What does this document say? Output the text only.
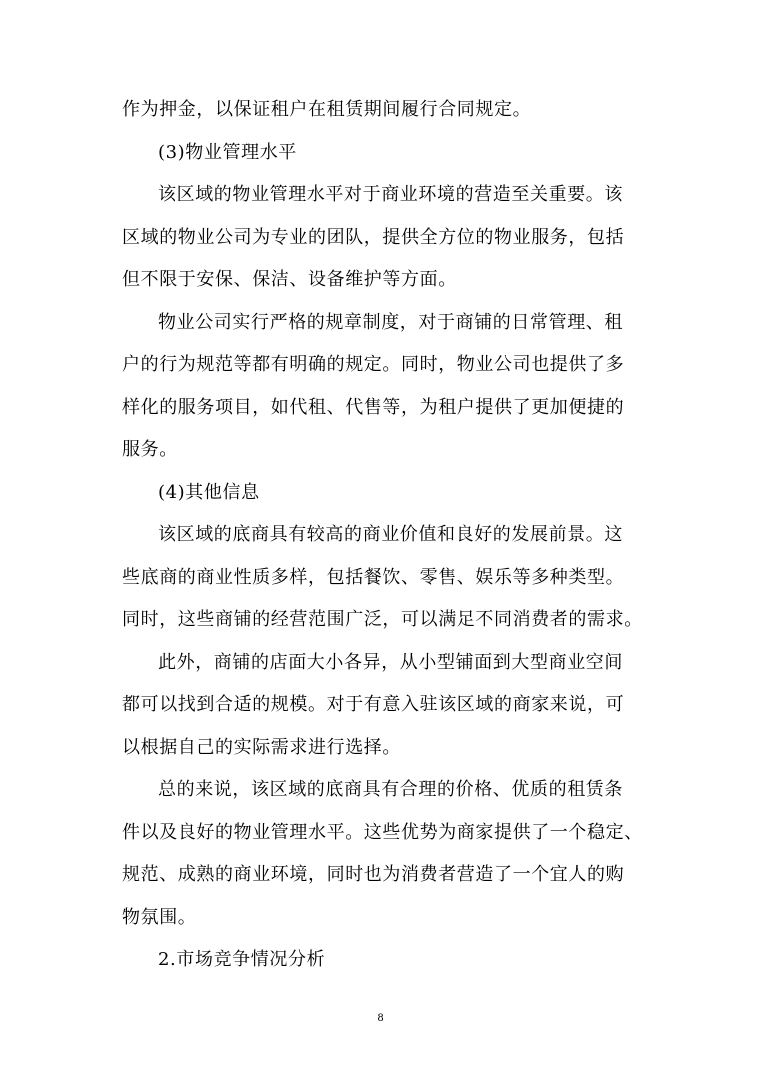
作为押金，以保证租户在租赁期间履行合同规定。

(3)物业管理水平

该区域的物业管理水平对于商业环境的营造至关重要。该

区域的物业公司为专业的团队，提供全方位的物业服务，包括

但不限于安保、保洁、设备维护等方面。

物业公司实行严格的规章制度，对于商铺的日常管理、租

户的行为规范等都有明确的规定。同时，物业公司也提供了多

样化的服务项目，如代租、代售等，为租户提供了更加便捷的

服务。

(4)其他信息

该区域的底商具有较高的商业价值和良好的发展前景。这

些底商的商业性质多样，包括餐饮、零售、娱乐等多种类型。

同时，这些商铺的经营范围广泛，可以满足不同消费者的需求。

此外，商铺的店面大小各异，从小型铺面到大型商业空间

都可以找到合适的规模。对于有意入驻该区域的商家来说，可

以根据自己的实际需求进行选择。

总的来说，该区域的底商具有合理的价格、优质的租赁条

件以及良好的物业管理水平。这些优势为商家提供了一个稳定、

规范、成熟的商业环境，同时也为消费者营造了一个宜人的购

物氛围。

2.市场竞争情况分析

8
